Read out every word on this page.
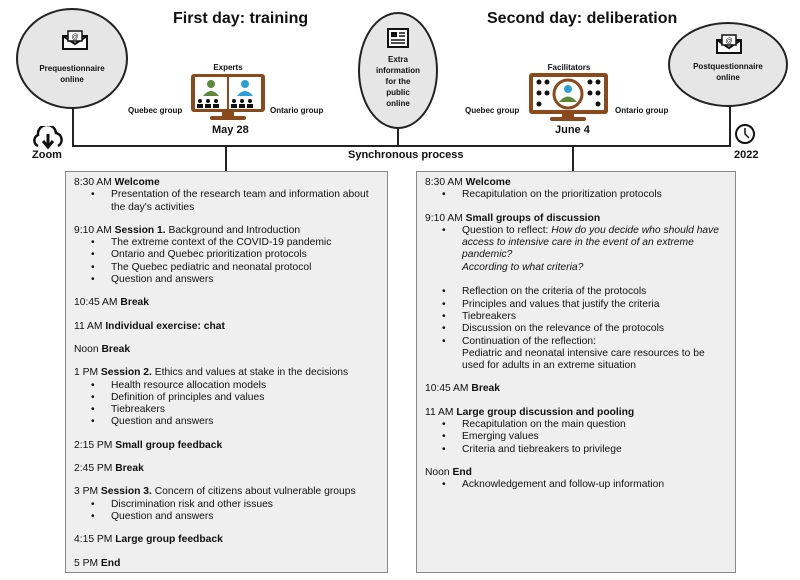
First day: training	Second day: deliberation
@
Prequestionnaire
online
Extra
information
for the
public
online
@
Postquestionnaire
online
Experts
Quebec group	Ontario group
May 28
Facilitators
Quebec group	Ontario group
June 4
Zoom	Synchronous process	2022
8:30 AM Welcome
• Presentation of the research team and information about the day's activities
9:10 AM Session 1. Background and Introduction
• The extreme context of the COVID-19 pandemic
• Ontario and Quebec prioritization protocols
• The Quebec pediatric and neonatal protocol
• Question and answers
10:45 AM Break
11 AM Individual exercise: chat
Noon Break
1 PM Session 2. Ethics and values at stake in the decisions
• Health resource allocation models
• Definition of principles and values
• Tiebreakers
• Question and answers
2:15 PM Small group feedback
2:45 PM Break
3 PM Session 3. Concern of citizens about vulnerable groups
• Discrimination risk and other issues
• Question and answers
4:15 PM Large group feedback
5 PM End
8:30 AM Welcome
• Recapitulation on the prioritization protocols
9:10 AM Small groups of discussion
• Question to reflect: How do you decide who should have access to intensive care in the event of an extreme pandemic?
According to what criteria?

• Reflection on the criteria of the protocols
• Principles and values that justify the criteria
• Tiebreakers
• Discussion on the relevance of the protocols
• Continuation of the reflection:
Pediatric and neonatal intensive care resources to be used for adults in an extreme situation
10:45 AM Break
11 AM Large group discussion and pooling
• Recapitulation on the main question
• Emerging values
• Criteria and tiebreakers to privilege
Noon End
• Acknowledgement and follow-up information
